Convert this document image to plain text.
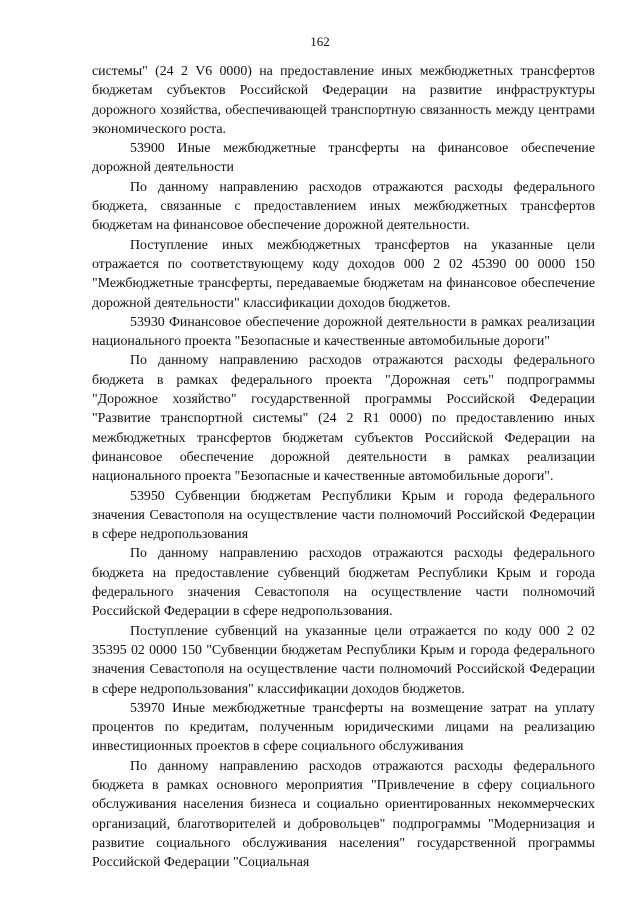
162

системы" (24 2 V6 0000) на предоставление иных межбюджетных трансфертов бюджетам субъектов Российской Федерации на развитие инфраструктуры дорожного хозяйства, обеспечивающей транспортную связанность между центрами экономического роста.

53900 Иные межбюджетные трансферты на финансовое обеспечение дорожной деятельности

По данному направлению расходов отражаются расходы федерального бюджета, связанные с предоставлением иных межбюджетных трансфертов бюджетам на финансовое обеспечение дорожной деятельности.

Поступление иных межбюджетных трансфертов на указанные цели отражается по соответствующему коду доходов 000 2 02 45390 00 0000 150 "Межбюджетные трансферты, передаваемые бюджетам на финансовое обеспечение дорожной деятельности" классификации доходов бюджетов.

53930 Финансовое обеспечение дорожной деятельности в рамках реализации национального проекта "Безопасные и качественные автомобильные дороги"

По данному направлению расходов отражаются расходы федерального бюджета в рамках федерального проекта "Дорожная сеть" подпрограммы "Дорожное хозяйство" государственной программы Российской Федерации "Развитие транспортной системы" (24 2 R1 0000) по предоставлению иных межбюджетных трансфертов бюджетам субъектов Российской Федерации на финансовое обеспечение дорожной деятельности в рамках реализации национального проекта "Безопасные и качественные автомобильные дороги".

53950 Субвенции бюджетам Республики Крым и города федерального значения Севастополя на осуществление части полномочий Российской Федерации в сфере недропользования

По данному направлению расходов отражаются расходы федерального бюджета на предоставление субвенций бюджетам Республики Крым и города федерального значения Севастополя на осуществление части полномочий Российской Федерации в сфере недропользования.

Поступление субвенций на указанные цели отражается по коду 000 2 02 35395 02 0000 150 "Субвенции бюджетам Республики Крым и города федерального значения Севастополя на осуществление части полномочий Российской Федерации в сфере недропользования" классификации доходов бюджетов.

53970 Иные межбюджетные трансферты на возмещение затрат на уплату процентов по кредитам, полученным юридическими лицами на реализацию инвестиционных проектов в сфере социального обслуживания

По данному направлению расходов отражаются расходы федерального бюджета в рамках основного мероприятия "Привлечение в сферу социального обслуживания населения бизнеса и социально ориентированных некоммерческих организаций, благотворителей и добровольцев" подпрограммы "Модернизация и развитие социального обслуживания населения" государственной программы Российской Федерации "Социальная
